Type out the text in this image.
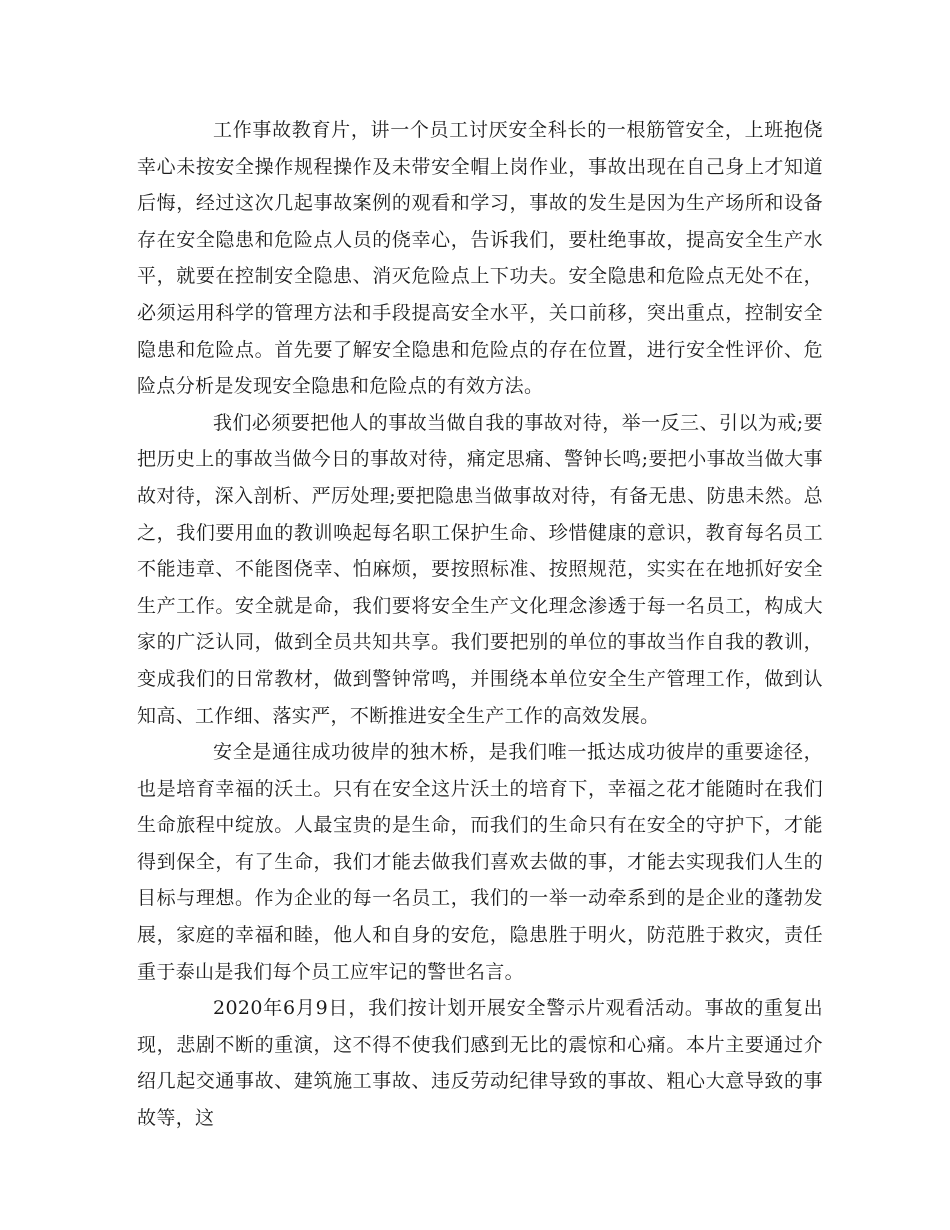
工作事故教育片，讲一个员工讨厌安全科长的一根筋管安全，上班抱侥幸心未按安全操作规程操作及未带安全帽上岗作业，事故出现在自己身上才知道后悔，经过这次几起事故案例的观看和学习，事故的发生是因为生产场所和设备存在安全隐患和危险点人员的侥幸心，告诉我们，要杜绝事故，提高安全生产水平，就要在控制安全隐患、消灭危险点上下功夫。安全隐患和危险点无处不在，必须运用科学的管理方法和手段提高安全水平，关口前移，突出重点，控制安全隐患和危险点。首先要了解安全隐患和危险点的存在位置，进行安全性评价、危险点分析是发现安全隐患和危险点的有效方法。

我们必须要把他人的事故当做自我的事故对待，举一反三、引以为戒;要把历史上的事故当做今日的事故对待，痛定思痛、警钟长鸣;要把小事故当做大事故对待，深入剖析、严厉处理;要把隐患当做事故对待，有备无患、防患未然。总之，我们要用血的教训唤起每名职工保护生命、珍惜健康的意识，教育每名员工不能违章、不能图侥幸、怕麻烦，要按照标准、按照规范，实实在在地抓好安全生产工作。安全就是命，我们要将安全生产文化理念渗透于每一名员工，构成大家的广泛认同，做到全员共知共享。我们要把别的单位的事故当作自我的教训，变成我们的日常教材，做到警钟常鸣，并围绕本单位安全生产管理工作，做到认知高、工作细、落实严，不断推进安全生产工作的高效发展。

安全是通往成功彼岸的独木桥，是我们唯一抵达成功彼岸的重要途径，也是培育幸福的沃土。只有在安全这片沃土的培育下，幸福之花才能随时在我们生命旅程中绽放。人最宝贵的是生命，而我们的生命只有在安全的守护下，才能得到保全，有了生命，我们才能去做我们喜欢去做的事，才能去实现我们人生的目标与理想。作为企业的每一名员工，我们的一举一动牵系到的是企业的蓬勃发展，家庭的幸福和睦，他人和自身的安危，隐患胜于明火，防范胜于救灾，责任重于泰山是我们每个员工应牢记的警世名言。

2020年6月9日，我们按计划开展安全警示片观看活动。事故的重复出现，悲剧不断的重演，这不得不使我们感到无比的震惊和心痛。本片主要通过介绍几起交通事故、建筑施工事故、违反劳动纪律导致的事故、粗心大意导致的事故等，这
